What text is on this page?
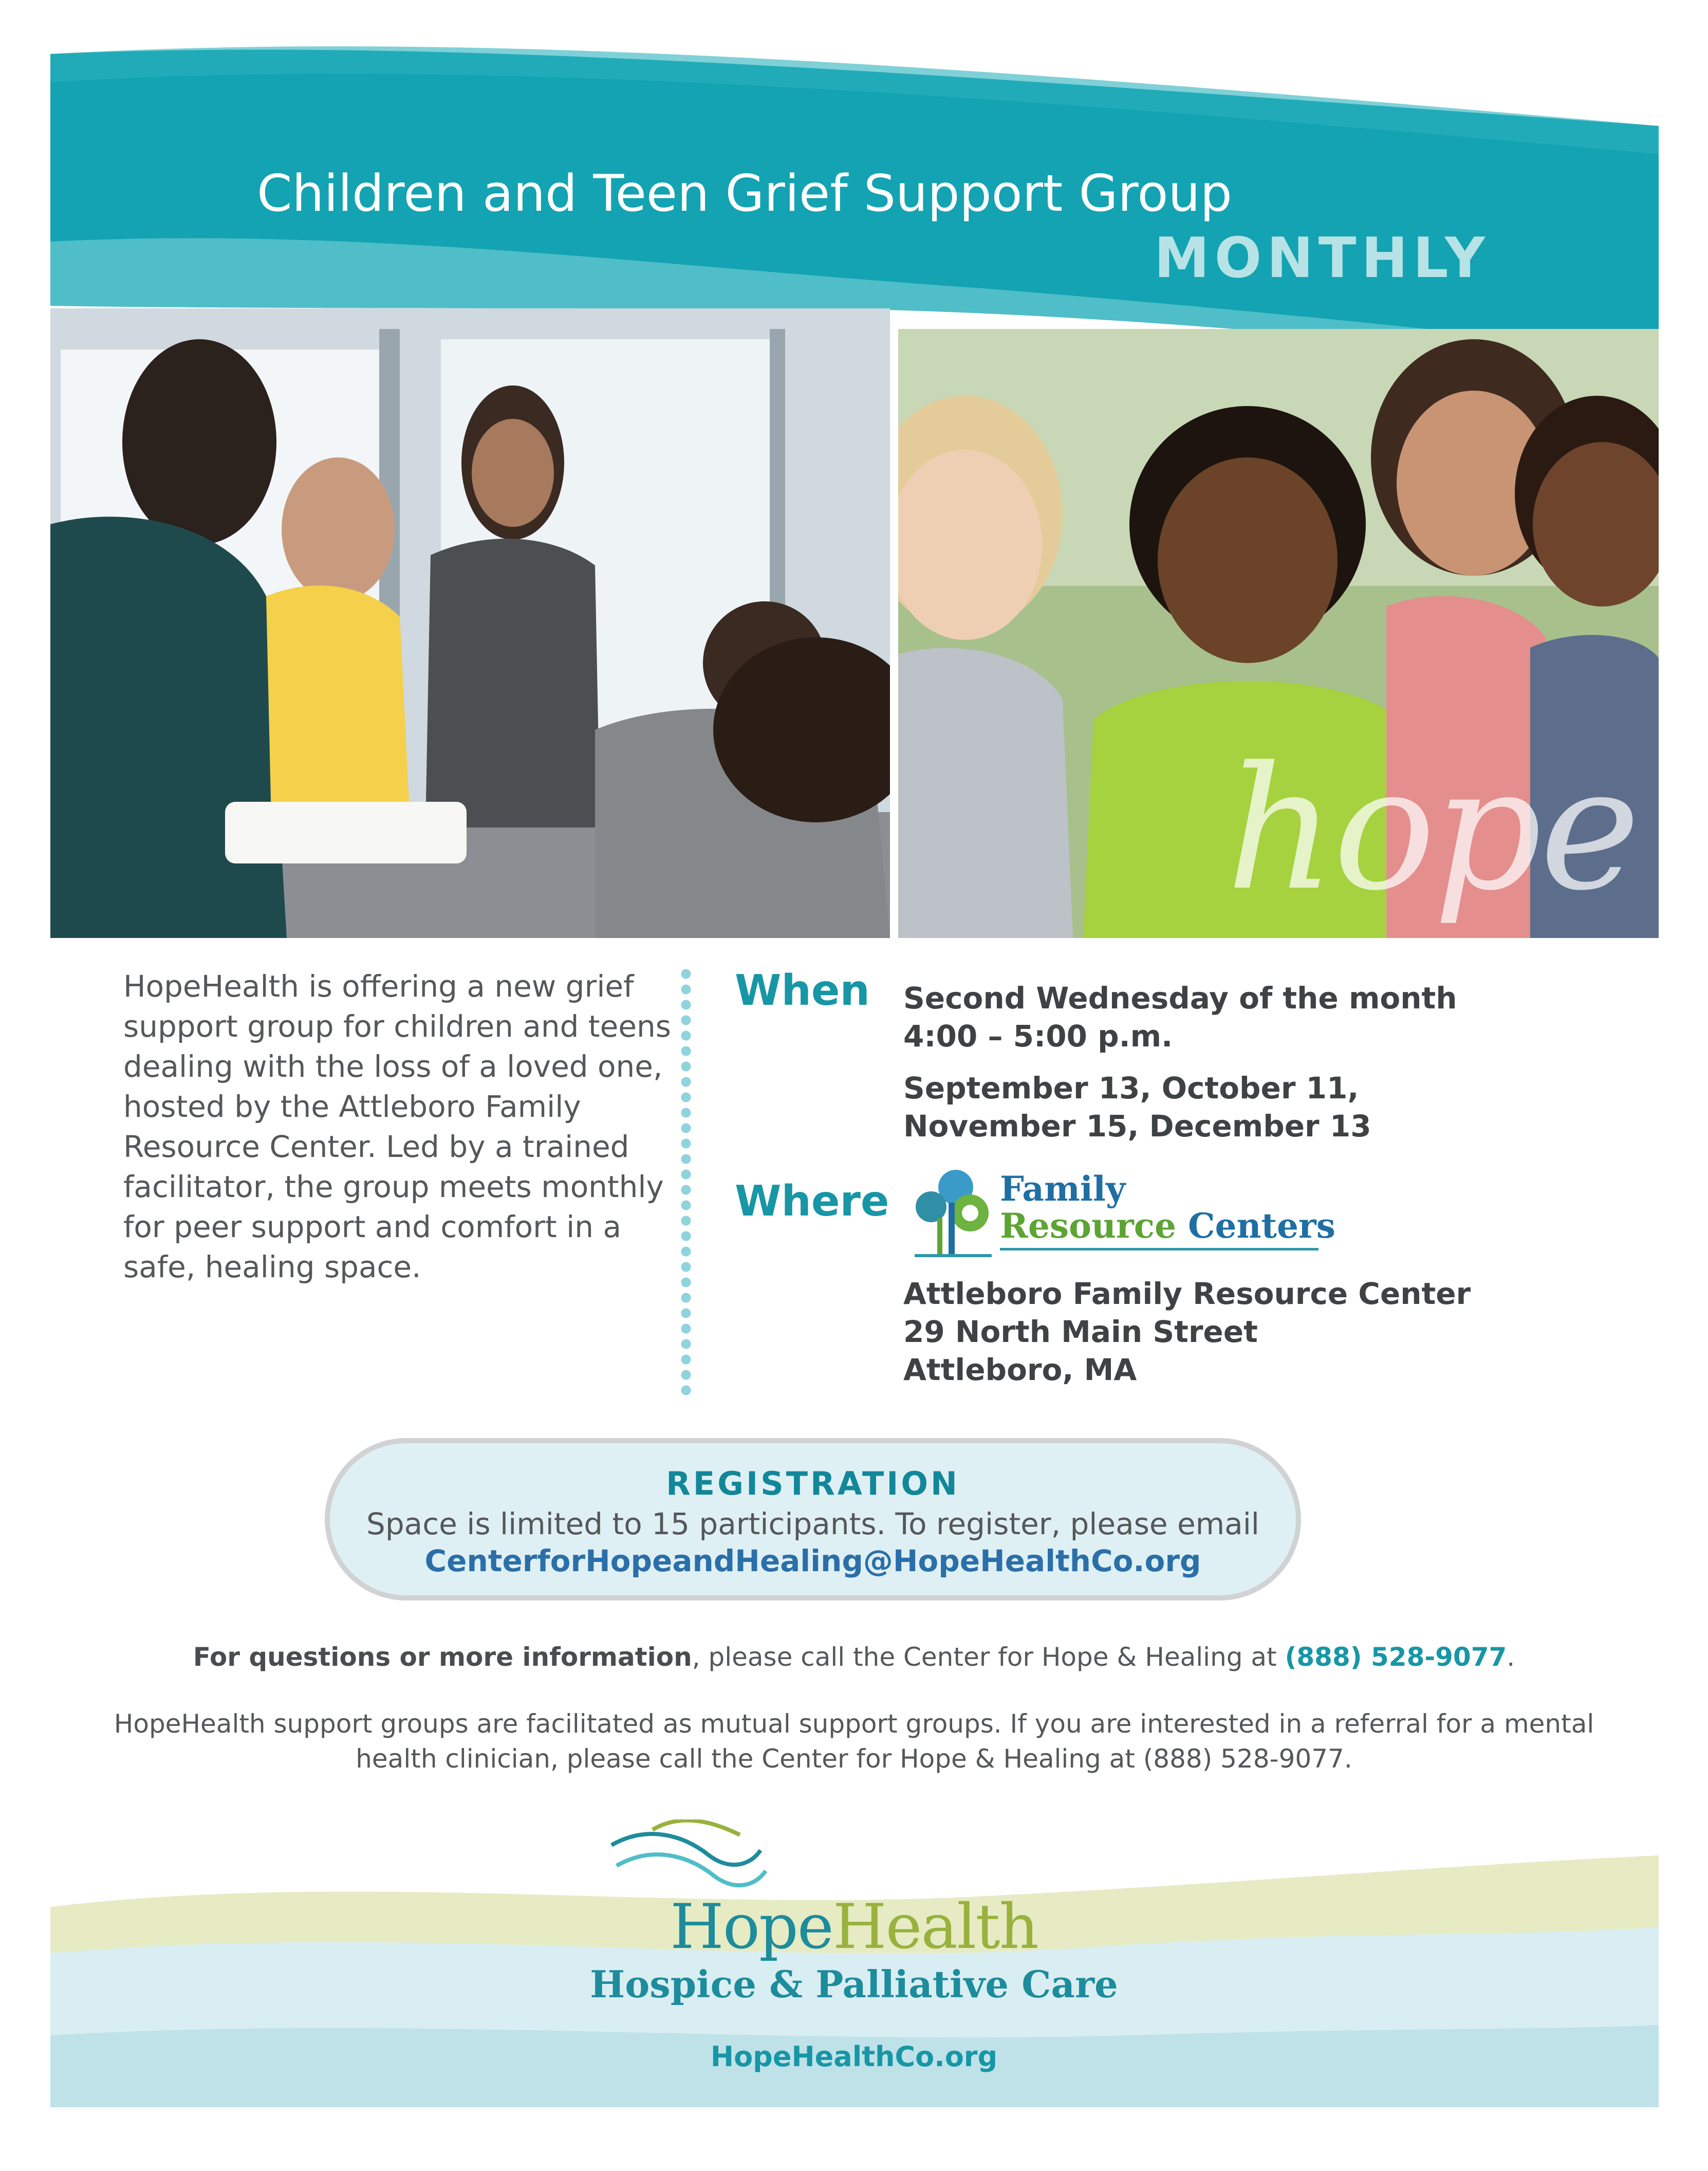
Children and Teen Grief Support Group
MONTHLY
hope
HopeHealth is offering a new grief support group for children and teens dealing with the loss of a loved one, hosted by the Attleboro Family Resource Center. Led by a trained facilitator, the group meets monthly for peer support and comfort in a safe, healing space.
When Second Wednesday of the month
4:00 – 5:00 p.m.
September 13, October 11,
November 15, December 13
Where	Family
Resource Centers
Attleboro Family Resource Center
29 North Main Street
Attleboro, MA
REGISTRATION
Space is limited to 15 participants. To register, please email
CenterforHopeandHealing@HopeHealthCo.org
For questions or more information, please call the Center for Hope & Healing at (888) 528-9077.
HopeHealth support groups are facilitated as mutual support groups. If you are interested in a referral for a mental health clinician, please call the Center for Hope & Healing at (888) 528-9077.
HopeHealth
Hospice & Palliative Care
HopeHealthCo.org
